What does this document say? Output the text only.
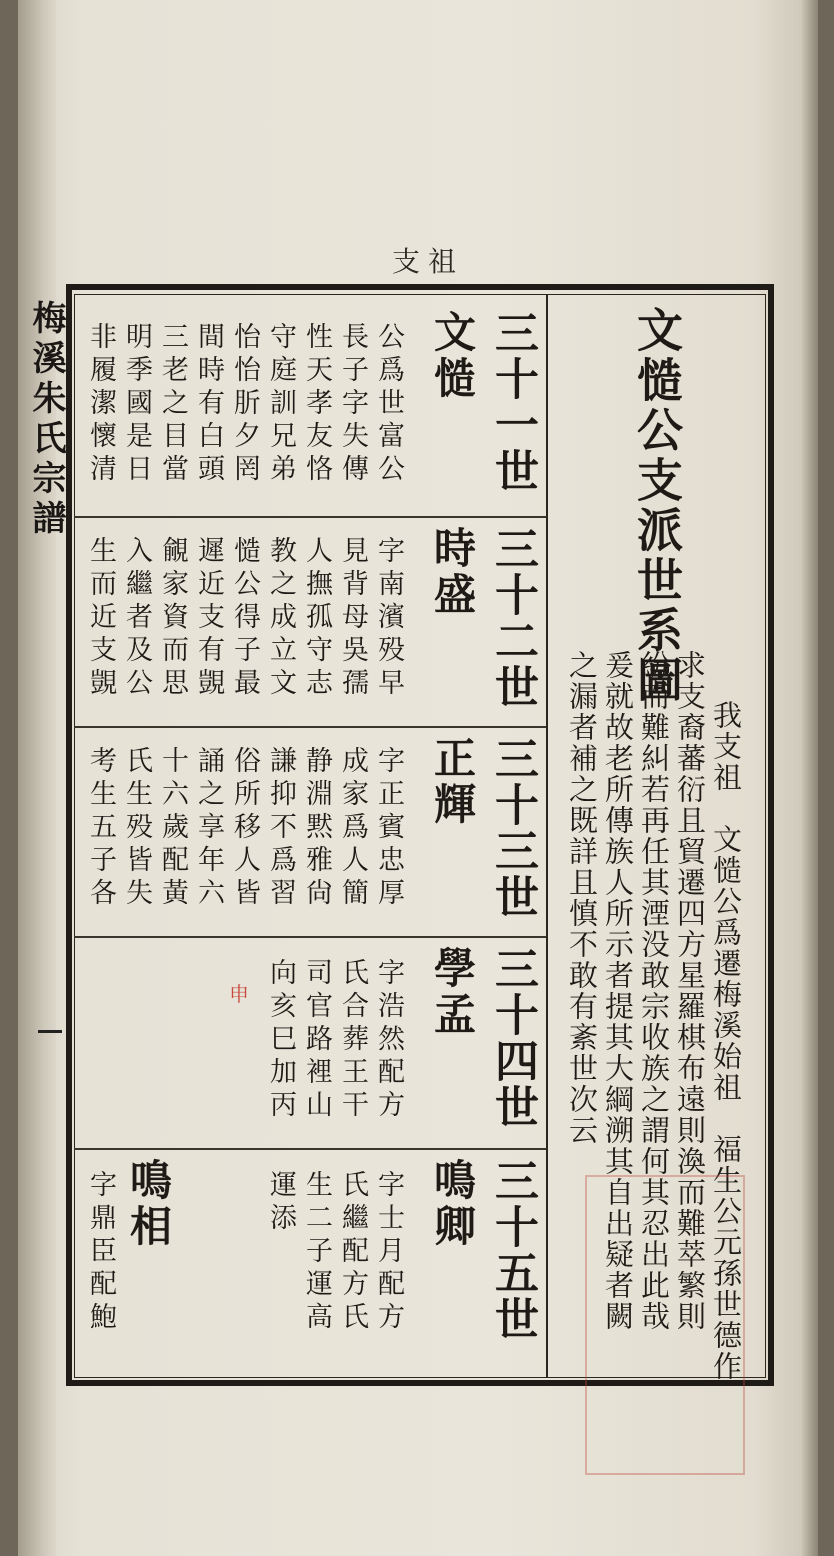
支祖
梅溪朱氏宗譜	文慥公支派世系圖
我支祖　文慥公爲遷梅溪始祖　福生公元孫世德作
求支裔蕃衍且貿遷四方星羅棋布遠則渙而難萃繁則
紛而難糾若再任其湮没敢宗收族之謂何其忍出此哉
爰就故老所傳族人所示者提其大綱溯其自出疑者闕
之漏者補之既詳且慎不敢有紊世次云
三十一世
文慥
公爲世富公
長子字失傳
性天孝友恪
守庭訓兄弟
怡怡肵夕罔
間時有白頭
三老之目當
明季國是日
非履潔懷清
三十二世
時盛
字南濱殁早
見背母吳孺
人撫孤守志
教之成立文
慥公得子最
遲近支有覬
覦家資而思
入繼者及公
生而近支覬
三十三世
正輝
字正賓忠厚
成家爲人簡
静淵黙雅尙
謙抑不爲習
俗所移人皆
誦之享年六
十六歲配黃
氏生殁皆失
考生五子各
三十四世
學孟
字浩然配方
氏合葬王干
司官路裡山
向亥巳加丙
申
三十五世
鳴卿
字士月配方
氏繼配方氏
生二子運高
運添
鳴相
字鼎臣配鮑
